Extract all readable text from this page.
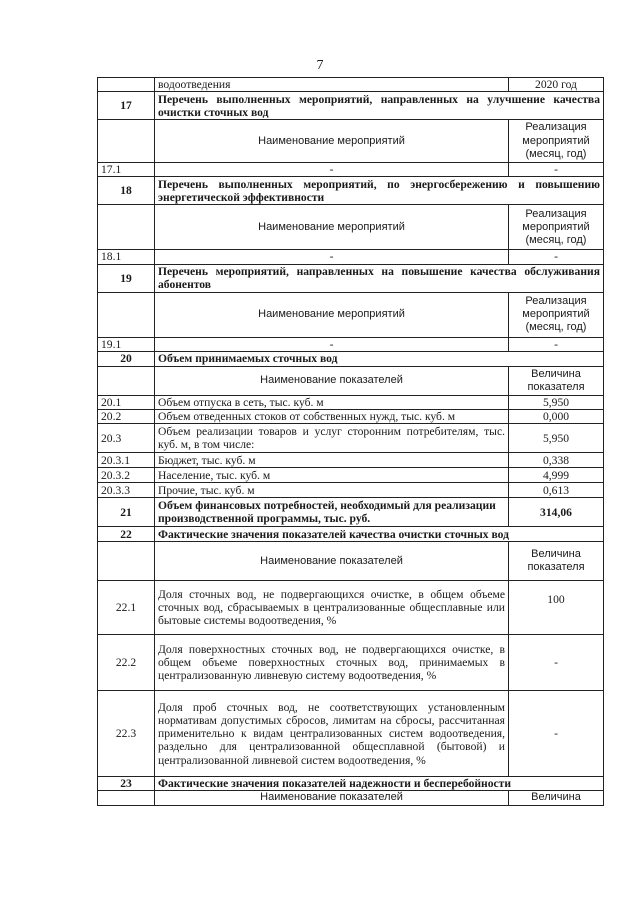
7
	водоотведения	2020 год
17	Перечень выполненных мероприятий, направленных на улучшение качества очистки сточных вод	
	Наименование мероприятий	Реализация мероприятий (месяц, год)
17.1	-	-
18	Перечень выполненных мероприятий, по энергосбережению и повышению энергетической эффективности	
	Наименование мероприятий	Реализация мероприятий (месяц, год)
18.1	-	-
19	Перечень мероприятий, направленных на повышение качества обслуживания абонентов	
	Наименование мероприятий	Реализация мероприятий (месяц, год)
19.1	-	-
20	Объем принимаемых сточных вод	
	Наименование показателей	Величина показателя
20.1	Объем отпуска в сеть, тыс. куб. м	5,950
20.2	Объем отведенных стоков от собственных нужд, тыс. куб. м	0,000
20.3	Объем реализации товаров и услуг сторонним потребителям, тыс. куб. м, в том числе:	5,950
20.3.1	Бюджет, тыс. куб. м	0,338
20.3.2	Население, тыс. куб. м	4,999
20.3.3	Прочие, тыс. куб. м	0,613
21	Объем финансовых потребностей, необходимый для реализации производственной программы, тыс. руб.	314,06
22	Фактические значения показателей качества очистки сточных вод	
	Наименование показателей	Величина показателя
22.1	Доля сточных вод, не подвергающихся очистке, в общем объеме сточных вод, сбрасываемых в централизованные общесплавные или бытовые системы водоотведения, %	100
22.2	Доля поверхностных сточных вод, не подвергающихся очистке, в общем объеме поверхностных сточных вод, принимаемых в централизованную ливневую систему водоотведения, %	-
22.3	Доля проб сточных вод, не соответствующих установленным нормативам допустимых сбросов, лимитам на сбросы, рассчитанная применительно к видам централизованных систем водоотведения, раздельно для централизованной общесплавной (бытовой) и централизованной ливневой систем водоотведения, %	-
23	Фактические значения показателей надежности и бесперебойности	
	Наименование показателей	Величина
